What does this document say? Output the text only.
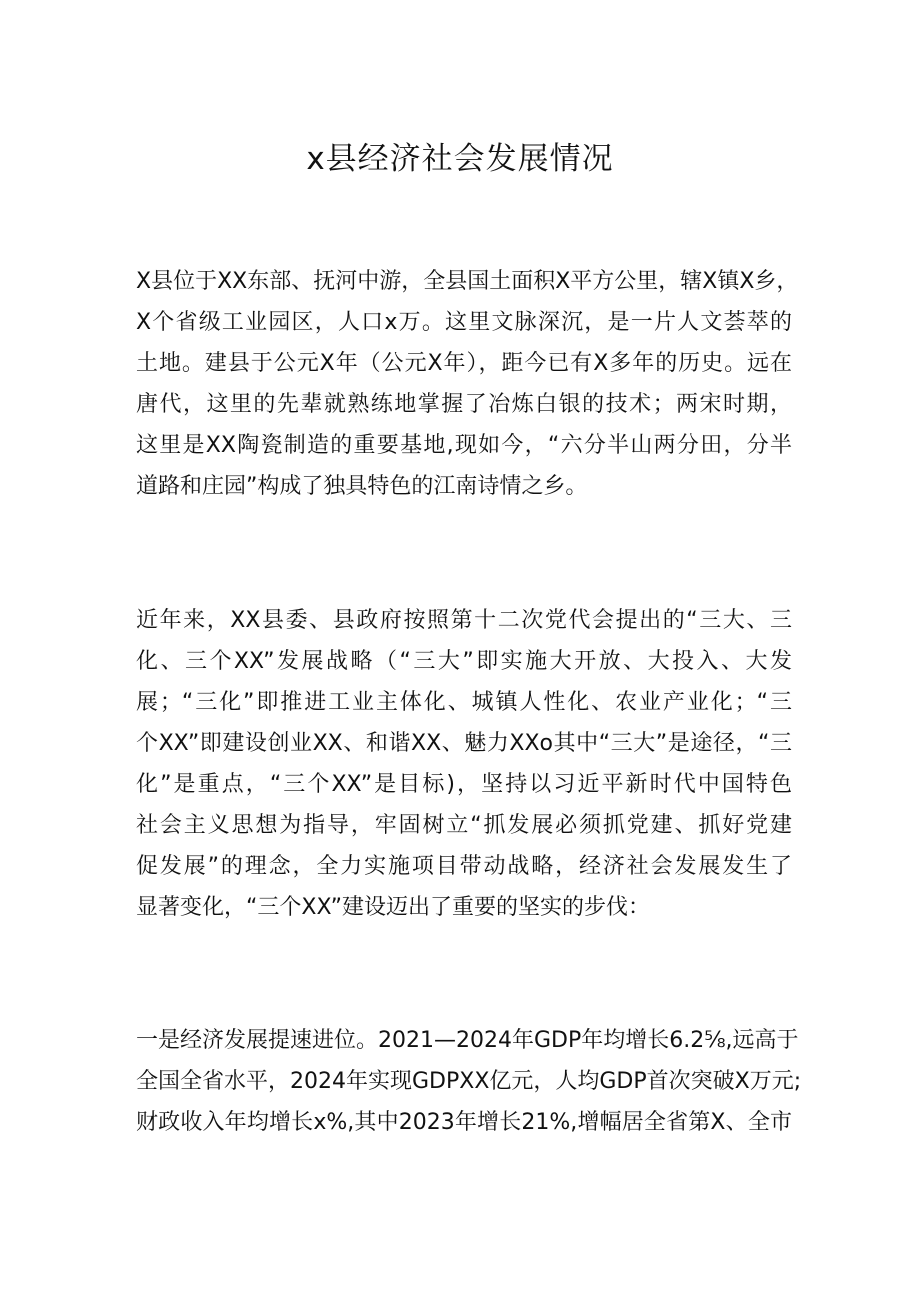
x县经济社会发展情况
X县位于XX东部、抚河中游，全县国土面积X平方公里，辖X镇X乡，
X个省级工业园区，人口x万。这里文脉深沉，是一片人文荟萃的
土地。建县于公元X年（公元X年），距今已有X多年的历史。远在
唐代，这里的先辈就熟练地掌握了冶炼白银的技术；两宋时期，
这里是XX陶瓷制造的重要基地,现如今，“六分半山两分田，分半
道路和庄园”构成了独具特色的江南诗情之乡。
近年来，XX县委、县政府按照第十二次党代会提出的“三大、三
化、三个XX”发展战略（“三大”即实施大开放、大投入、大发
展；“三化”即推进工业主体化、城镇人性化、农业产业化；“三
个XX”即建设创业XX、和谐XX、魅力XXo其中“三大”是途径，“三
化”是重点，“三个XX”是目标)，坚持以习近平新时代中国特色
社会主义思想为指导，牢固树立“抓发展必须抓党建、抓好党建
促发展”的理念，全力实施项目带动战略，经济社会发展发生了
显著变化，“三个XX”建设迈出了重要的坚实的步伐：
一是经济发展提速进位。2021—2024年GDP年均增长6.2⅝,远高于
全国全省水平，2024年实现GDPXX亿元，人均GDP首次突破X万元;
财政收入年均增长x%,其中2023年增长21%,增幅居全省第X、全市
